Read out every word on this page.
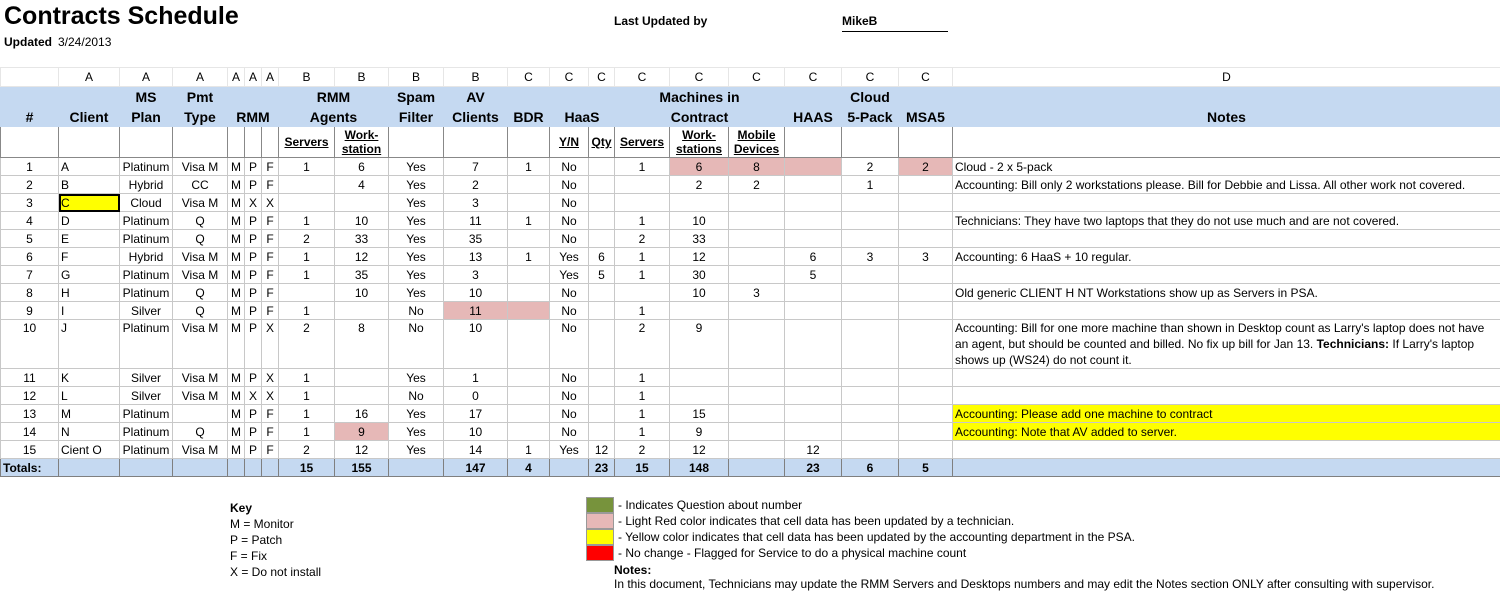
Contracts Schedule
Updated 3/24/2013
Last Updated by	MikeB
	A	A	A	A	A	A	B	B	B	B	C	C	C	C	C	C	C	C	C	D
		MS	Pmt				RMM		Spam	AV				Machines in				Cloud		
#	Client	Plan	Type	RMM			Agents		Filter	Clients	BDR	HaaS		Contract			HAAS	5-Pack	MSA5	Notes
							Servers	Work-station				Y/N	Qty	Servers	Work-stations	Mobile Devices				
1	A	Platinum	Visa M	M	P	F	1	6	Yes	7	1	No		1	6	8		2	2	Cloud - 2 x 5-pack
2	B	Hybrid	CC	M	P	F		4	Yes	2		No			2	2		1		Accounting: Bill only 2 workstations please. Bill for Debbie and Lissa. All other work not covered.
3	C	Cloud	Visa M	M	X	X			Yes	3		No								
4	D	Platinum	Q	M	P	F	1	10	Yes	11	1	No		1	10					Technicians: They have two laptops that they do not use much and are not covered.
5	E	Platinum	Q	M	P	F	2	33	Yes	35		No		2	33					
6	F	Hybrid	Visa M	M	P	F	1	12	Yes	13	1	Yes	6	1	12		6	3	3	Accounting: 6 HaaS + 10 regular.
7	G	Platinum	Visa M	M	P	F	1	35	Yes	3		Yes	5	1	30		5			
8	H	Platinum	Q	M	P	F		10	Yes	10		No			10	3				Old generic CLIENT H NT Workstations show up as Servers in PSA.
9	I	Silver	Q	M	P	F	1		No	11		No		1						
10	J	Platinum	Visa M	M	P	X	2	8	No	10		No		2	9					Accounting: Bill for one more machine than shown in Desktop count as Larry's laptop does not have an agent, but should be counted and billed. No fix up bill for Jan 13. Technicians: If Larry's laptop shows up (WS24) do not count it.
11	K	Silver	Visa M	M	P	X	1		Yes	1		No		1						
12	L	Silver	Visa M	M	X	X	1		No	0		No		1						
13	M	Platinum		M	P	F	1	16	Yes	17		No		1	15					Accounting: Please add one machine to contract
14	N	Platinum	Q	M	P	F	1	9	Yes	10		No		1	9					Accounting: Note that AV added to server.
15	Cient O	Platinum	Visa M	M	P	F	2	12	Yes	14	1	Yes	12	2	12		12			
Totals:							15	155		147	4		23	15	148		23	6	5	
Key
M = Monitor
P = Patch
F = Fix
X = Do not install
- Indicates Question about number
- Light Red color indicates that cell data has been updated by a technician.
- Yellow color indicates that cell data has been updated by the accounting department in the PSA.
- No change - Flagged for Service to do a physical machine count
Notes:
In this document, Technicians may update the RMM Servers and Desktops numbers and may edit the Notes section ONLY after consulting with supervisor.
